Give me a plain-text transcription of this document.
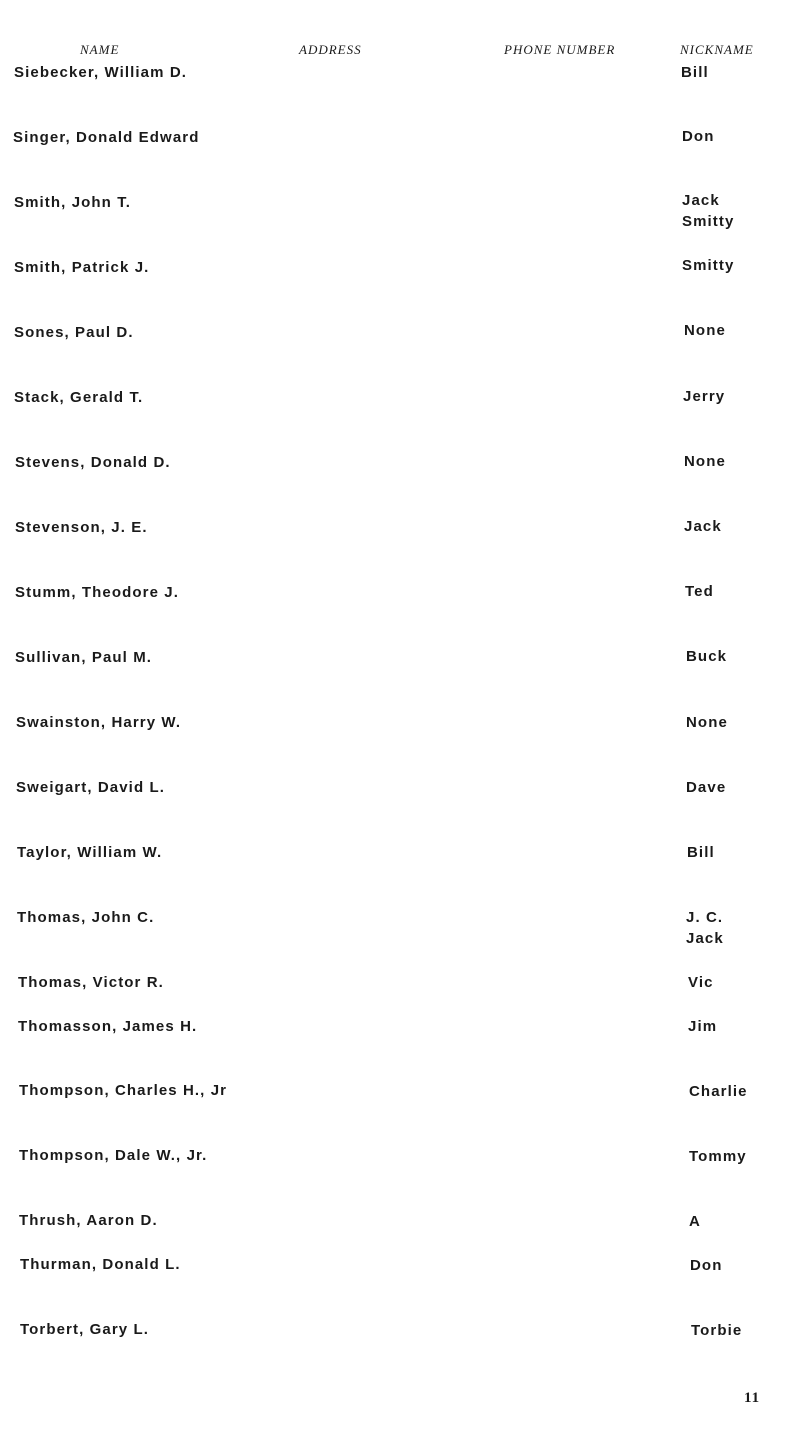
NAME	ADDRESS	PHONE NUMBER	NICKNAME
Siebecker, William D.	Bill
Singer, Donald Edward	Don
Smith, John T.	Jack
Smitty
Smith, Patrick J.	Smitty
Sones, Paul D.	None
Stack, Gerald T.	Jerry
Stevens, Donald D.	None
Stevenson, J. E.	Jack
Stumm, Theodore J.	Ted
Sullivan, Paul M.	Buck
Swainston, Harry W.	None
Sweigart, David L.	Dave
Taylor, William W.	Bill
Thomas, John C.	J. C.
Jack
Thomas, Victor R.	Vic
Thomasson, James H.	Jim
Thompson, Charles H., Jr	Charlie
Thompson, Dale W., Jr.	Tommy
Thrush, Aaron D.	A
Thurman, Donald L.	Don
Torbert, Gary L.	Torbie
11
